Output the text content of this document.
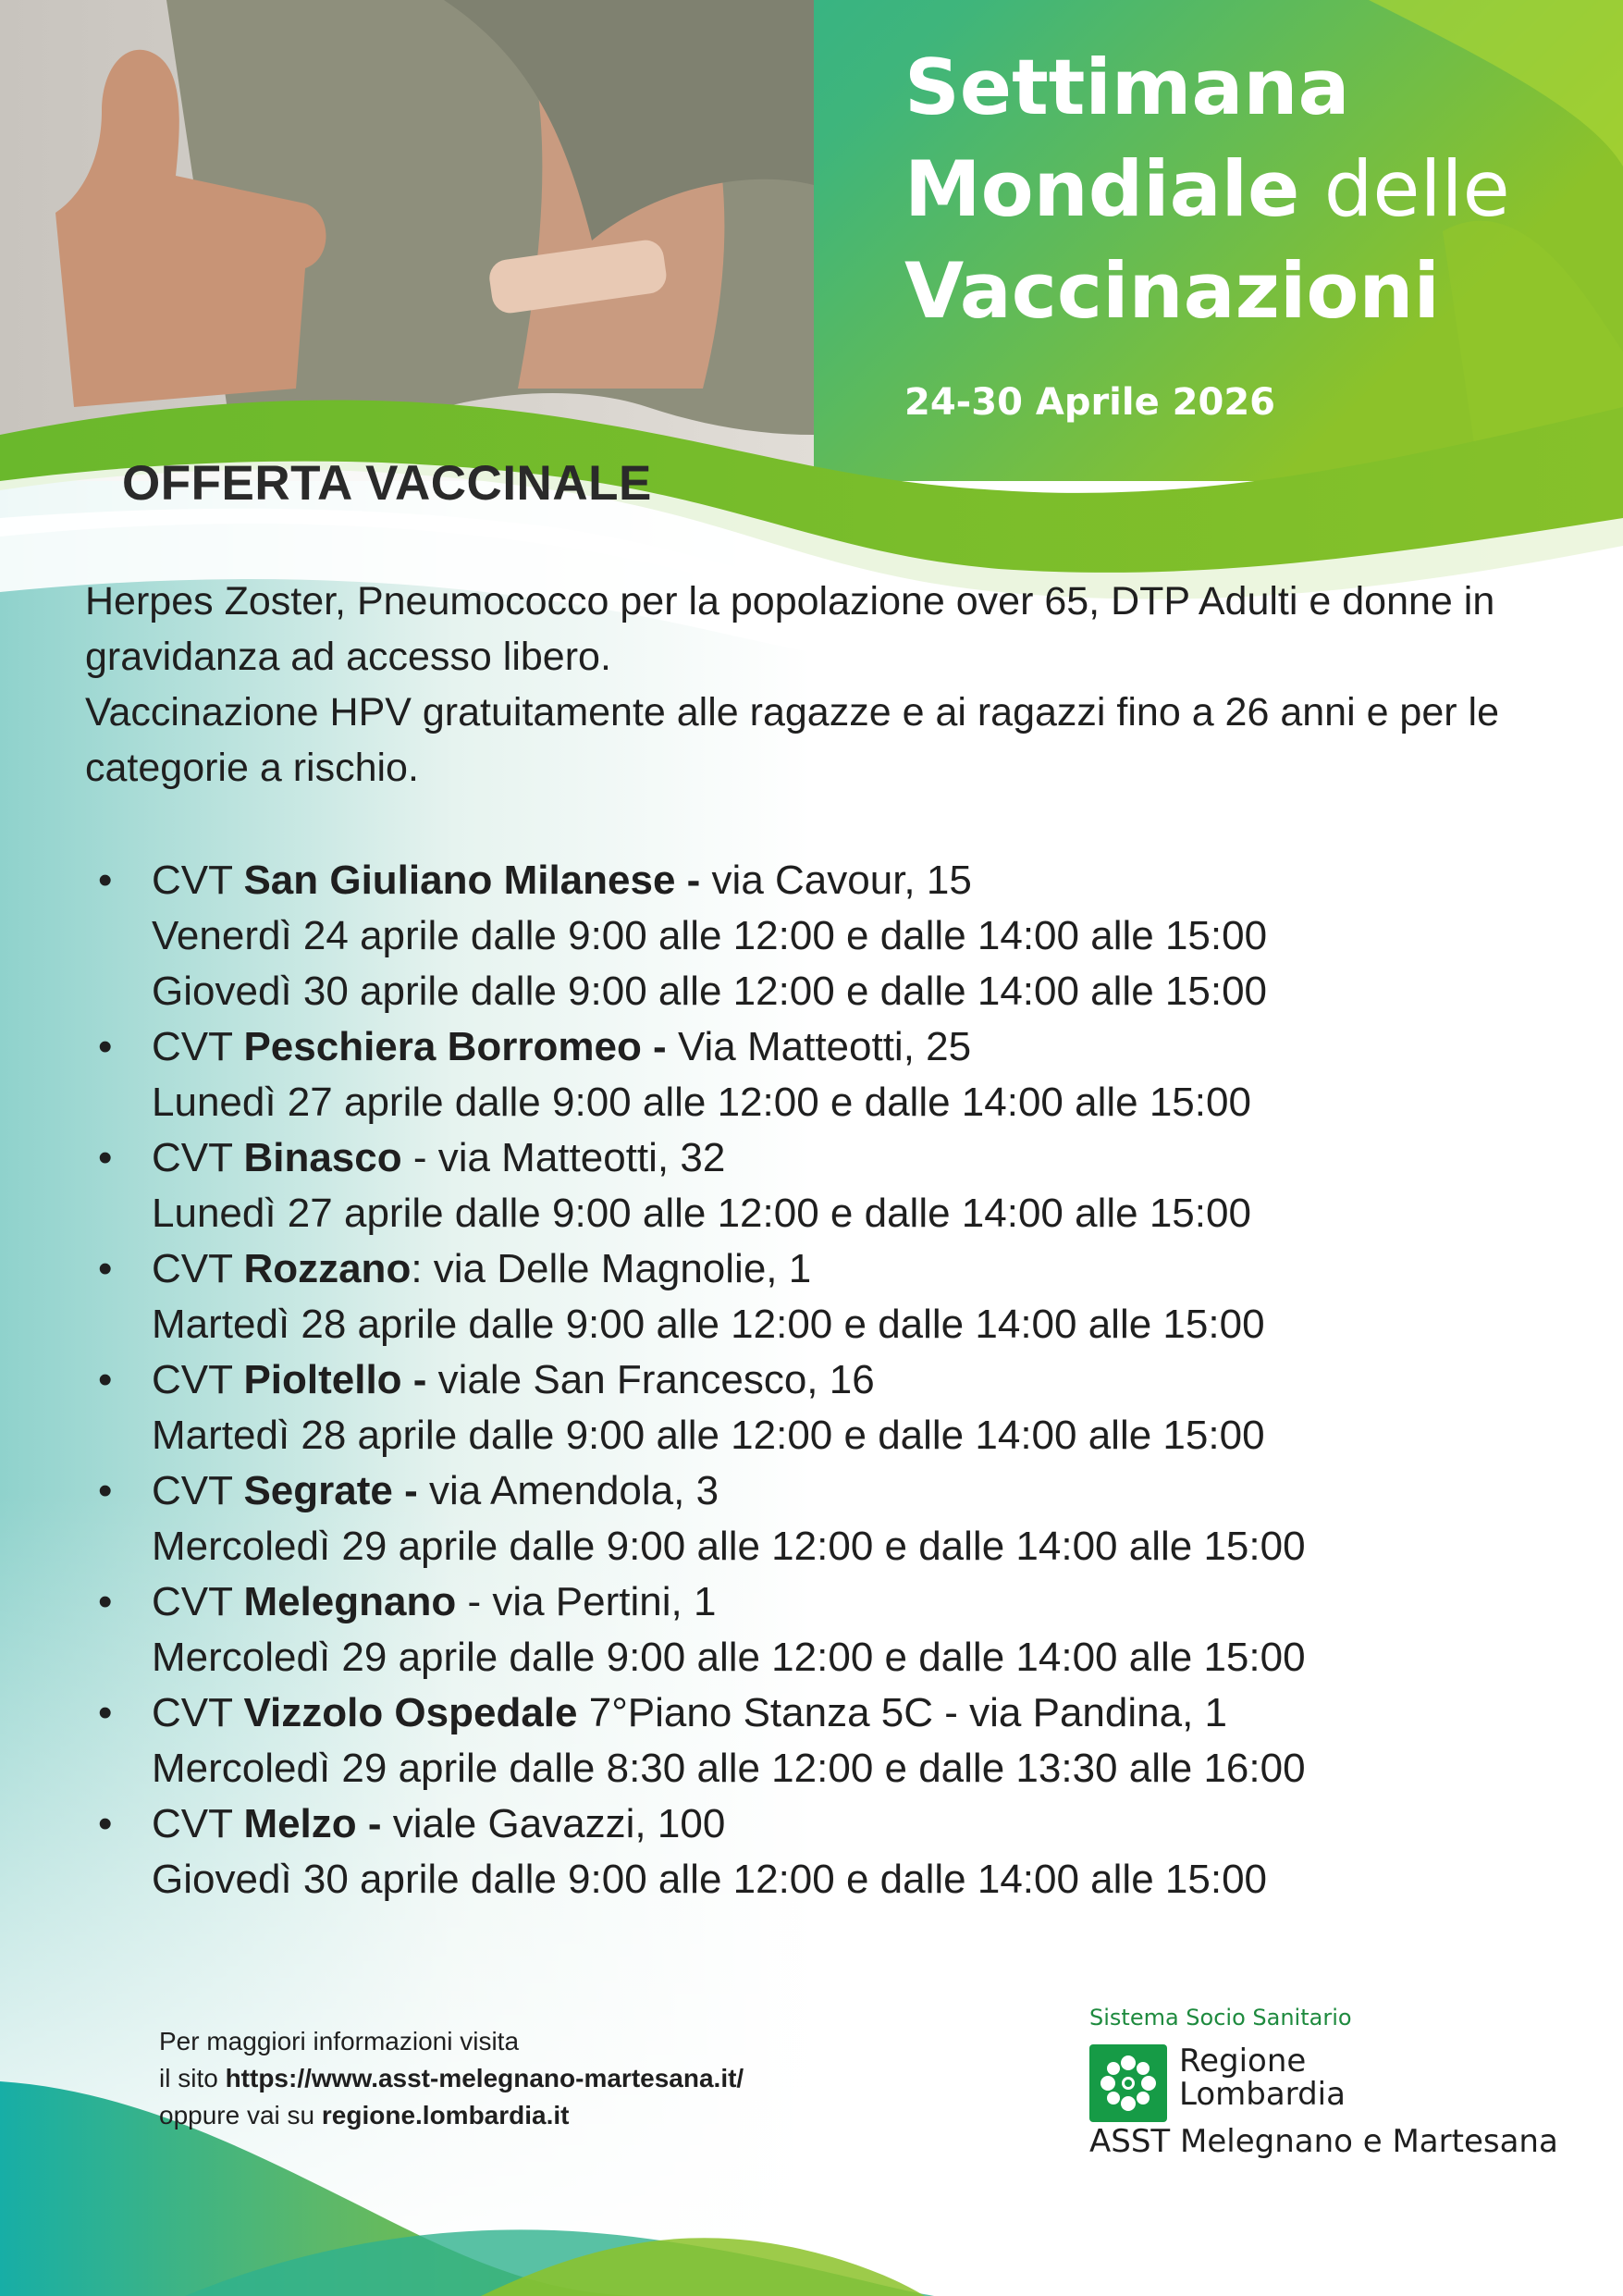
Settimana
Mondiale delle
Vaccinazioni
24-30 Aprile 2026
OFFERTA VACCINALE

Herpes Zoster, Pneumococco per la popolazione over 65, DTP Adulti e donne in gravidanza ad accesso libero.

Vaccinazione HPV gratuitamente alle ragazze e ai ragazzi fino a 26 anni e per le categorie a rischio.

• CVT San Giuliano Milanese - via Cavour, 15
Venerdì 24 aprile dalle 9:00 alle 12:00 e dalle 14:00 alle 15:00
Giovedì 30 aprile dalle 9:00 alle 12:00 e dalle 14:00 alle 15:00
• CVT Peschiera Borromeo - Via Matteotti, 25
Lunedì 27 aprile dalle 9:00 alle 12:00 e dalle 14:00 alle 15:00
• CVT Binasco - via Matteotti, 32
Lunedì 27 aprile dalle 9:00 alle 12:00 e dalle 14:00 alle 15:00
• CVT Rozzano: via Delle Magnolie, 1
Martedì 28 aprile dalle 9:00 alle 12:00 e dalle 14:00 alle 15:00
• CVT Pioltello - viale San Francesco, 16
Martedì 28 aprile dalle 9:00 alle 12:00 e dalle 14:00 alle 15:00
• CVT Segrate - via Amendola, 3
Mercoledì 29 aprile dalle 9:00 alle 12:00 e dalle 14:00 alle 15:00
• CVT Melegnano - via Pertini, 1
Mercoledì 29 aprile dalle 9:00 alle 12:00 e dalle 14:00 alle 15:00
• CVT Vizzolo Ospedale 7°Piano Stanza 5C - via Pandina, 1
Mercoledì 29 aprile dalle 8:30 alle 12:00 e dalle 13:30 alle 16:00
• CVT Melzo - viale Gavazzi, 100
Giovedì 30 aprile dalle 9:00 alle 12:00 e dalle 14:00 alle 15:00
Per maggiori informazioni visita
il sito https://www.asst-melegnano-martesana.it/
oppure vai su regione.lombardia.it
Sistema Socio Sanitario
Regione
Lombardia
ASST Melegnano e Martesana
